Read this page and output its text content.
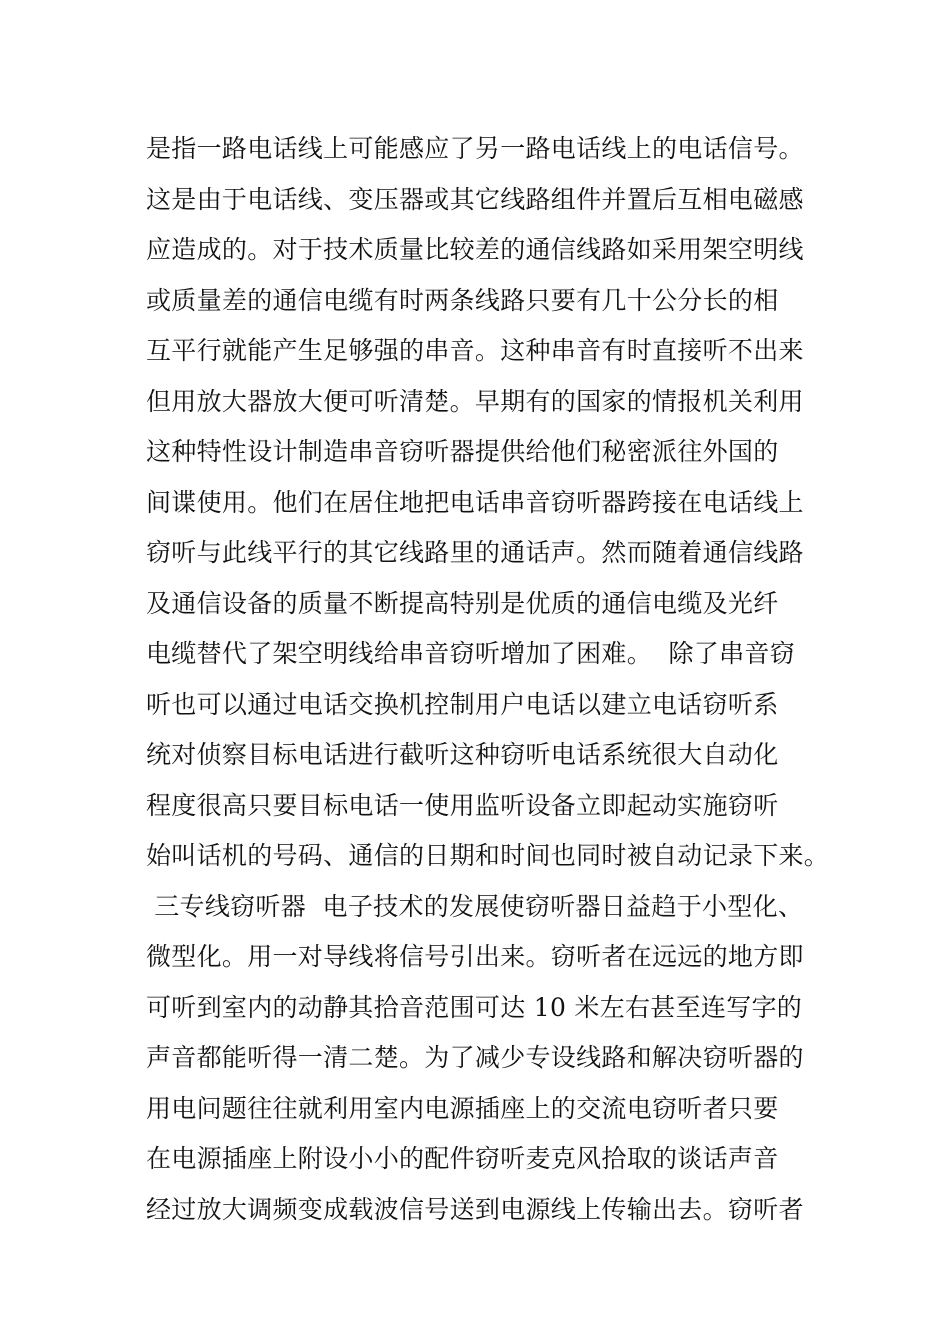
是指一路电话线上可能感应了另一路电话线上的电话信号。
这是由于电话线、变压器或其它线路组件并置后互相电磁感
应造成的。对于技术质量比较差的通信线路如采用架空明线
或质量差的通信电缆有时两条线路只要有几十公分长的相
互平行就能产生足够强的串音。这种串音有时直接听不出来
但用放大器放大便可听清楚。早期有的国家的情报机关利用
这种特性设计制造串音窃听器提供给他们秘密派往外国的
间谍使用。他们在居住地把电话串音窃听器跨接在电话线上
窃听与此线平行的其它线路里的通话声。然而随着通信线路
及通信设备的质量不断提高特别是优质的通信电缆及光纤
电缆替代了架空明线给串音窃听增加了困难。  除了串音窃
听也可以通过电话交换机控制用户电话以建立电话窃听系
统对侦察目标电话进行截听这种窃听电话系统很大自动化
程度很高只要目标电话一使用监听设备立即起动实施窃听
始叫话机的号码、通信的日期和时间也同时被自动记录下来。
三专线窃听器  电子技术的发展使窃听器日益趋于小型化、
微型化。用一对导线将信号引出来。窃听者在远远的地方即
可听到室内的动静其拾音范围可达 10 米左右甚至连写字的
声音都能听得一清二楚。为了减少专设线路和解决窃听器的
用电问题往往就利用室内电源插座上的交流电窃听者只要
在电源插座上附设小小的配件窃听麦克风拾取的谈话声音
经过放大调频变成载波信号送到电源线上传输出去。窃听者
